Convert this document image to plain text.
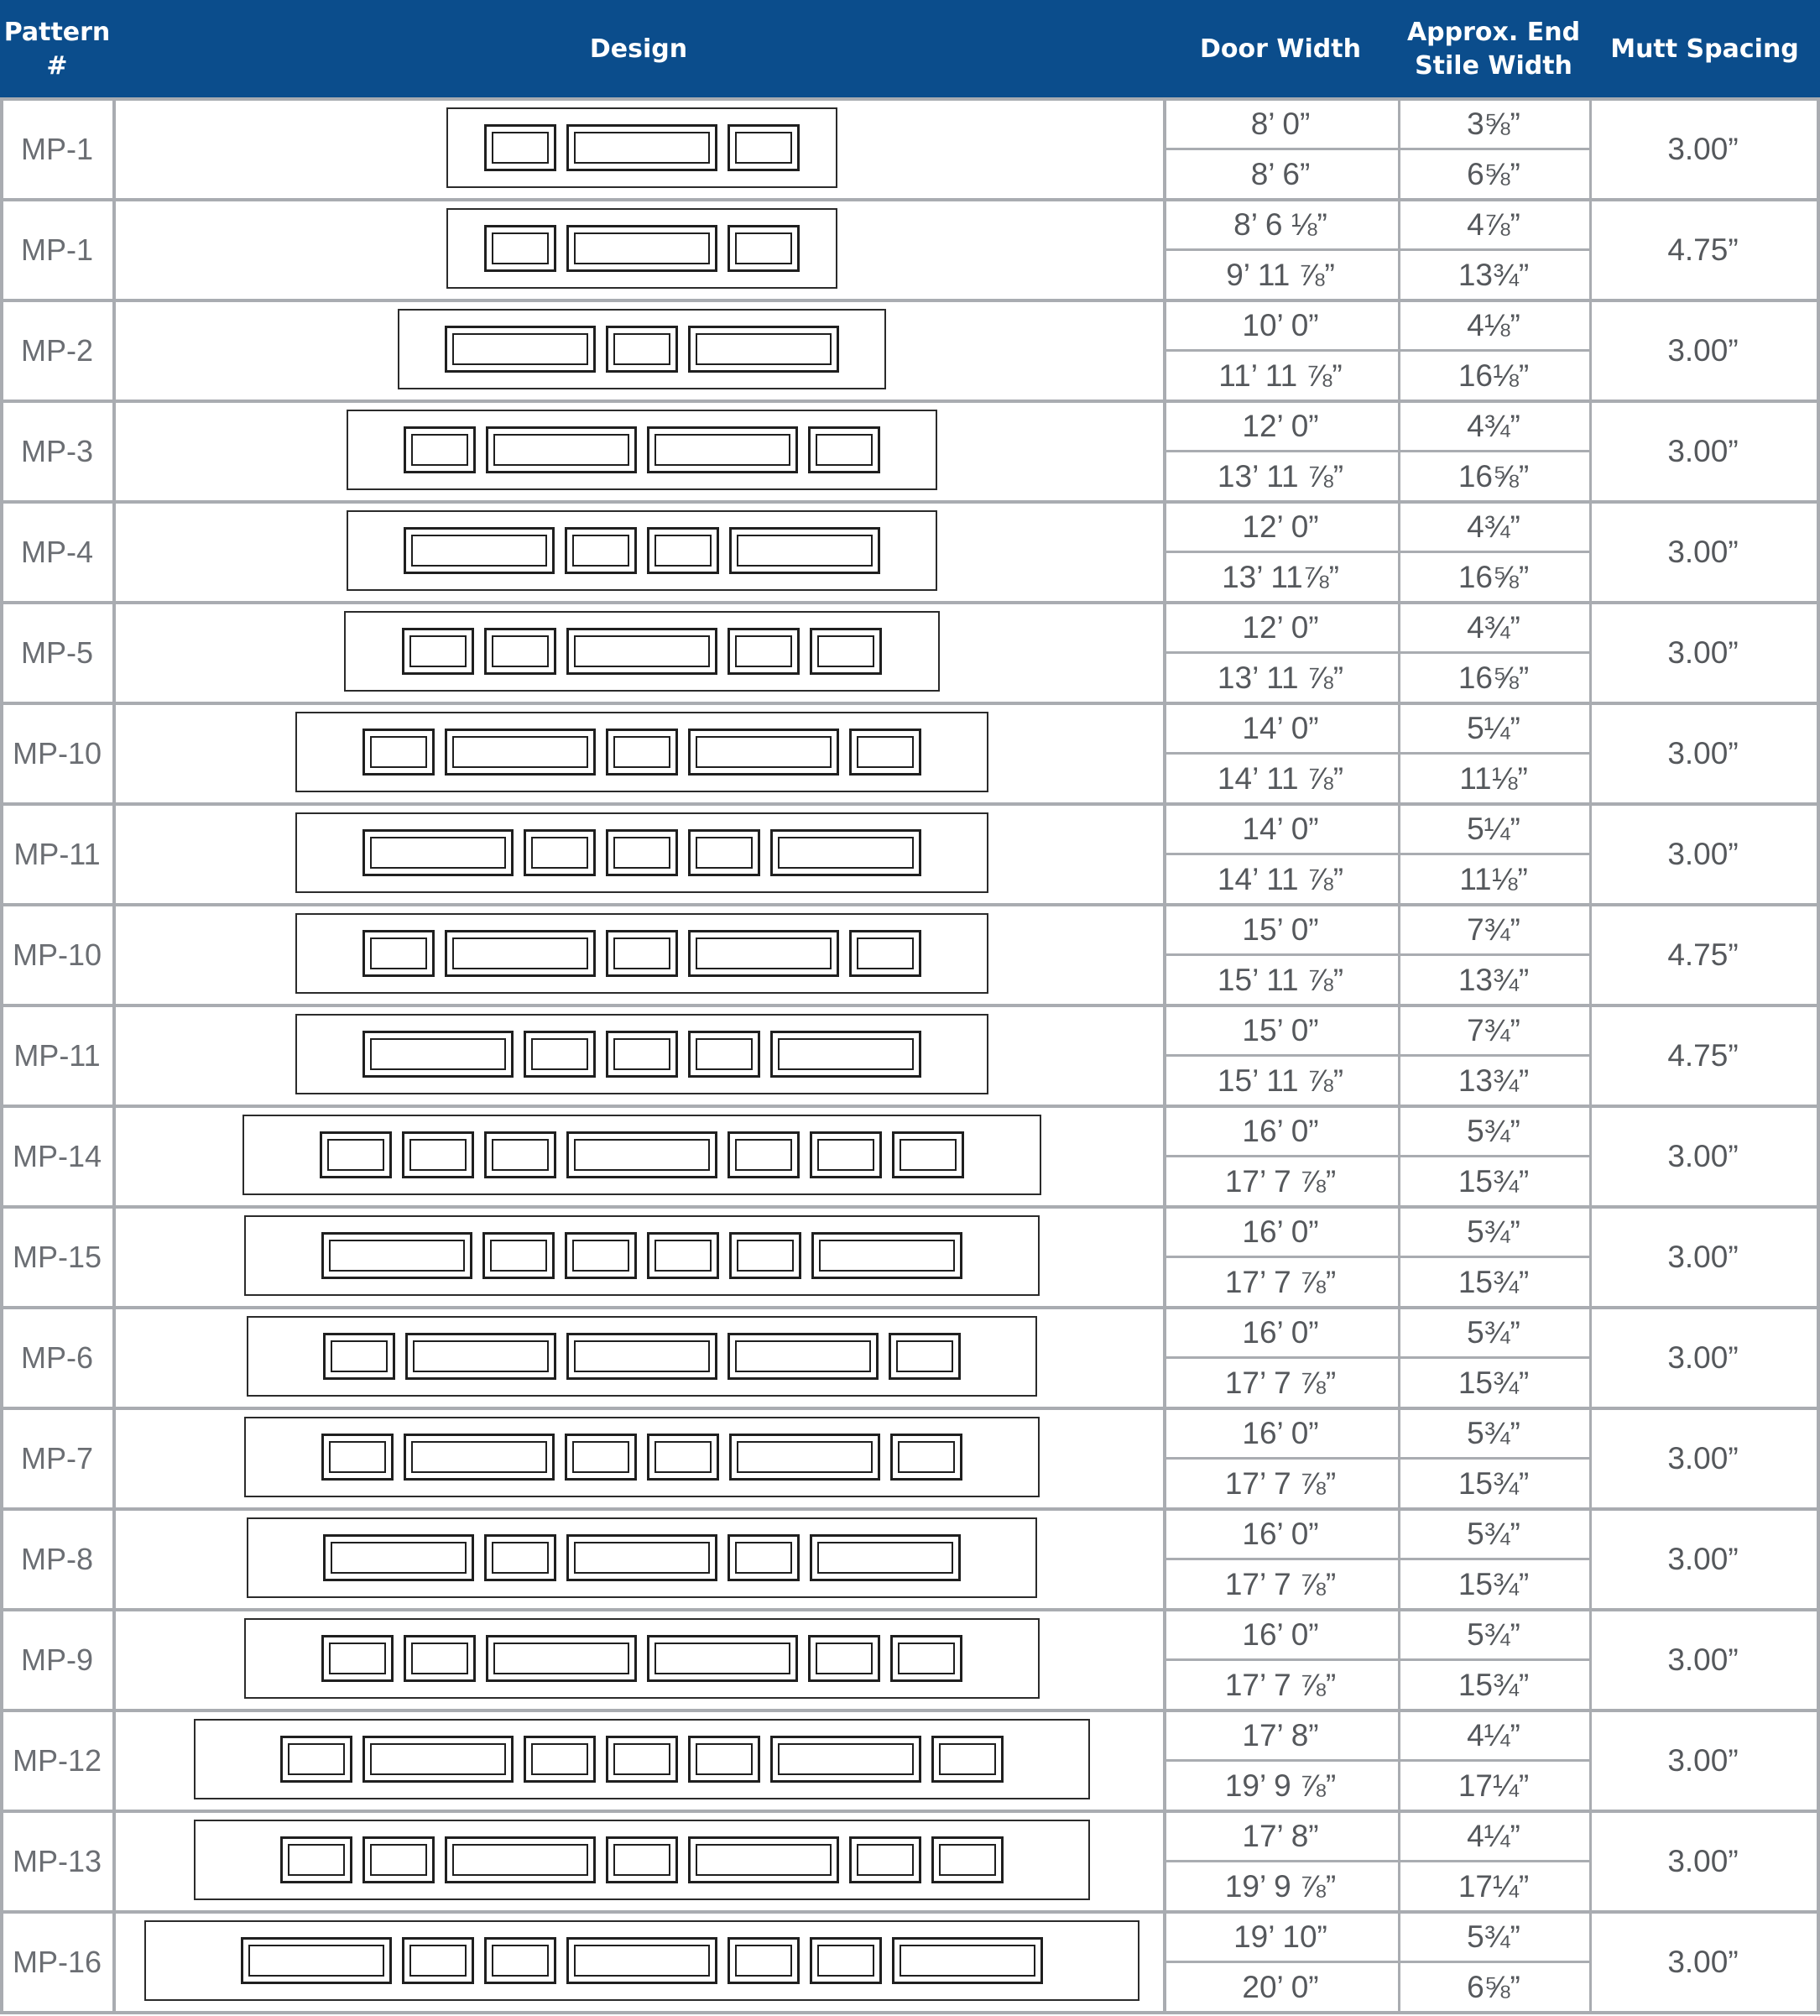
Pattern
#
Design	Door Width
Approx. End
Stile Width
Mutt Spacing
MP-1
8’ 0”	3⅝”
8’ 6”	6⅝”
3.00”
MP-1
8’ 6 ⅛”	4⅞”
9’ 11 ⅞”	13¾”
4.75”
MP-2
10’ 0”	4⅛”
11’ 11 ⅞”	16⅛”
3.00”
MP-3
12’ 0”	4¾”
13’ 11 ⅞”	16⅝”
3.00”
MP-4
12’ 0”	4¾”
13’ 11⅞”	16⅝”
3.00”
MP-5
12’ 0”	4¾”
13’ 11 ⅞”	16⅝”
3.00”
MP-10
14’ 0”	5¼”
14’ 11 ⅞”	11⅛”
3.00”
MP-11
14’ 0”	5¼”
14’ 11 ⅞”	11⅛”
3.00”
MP-10
15’ 0”	7¾”
15’ 11 ⅞”	13¾”
4.75”
MP-11
15’ 0”	7¾”
15’ 11 ⅞”	13¾”
4.75”
MP-14
16’ 0”	5¾”
17’ 7 ⅞”	15¾”
3.00”
MP-15
16’ 0”	5¾”
17’ 7 ⅞”	15¾”
3.00”
MP-6
16’ 0”	5¾”
17’ 7 ⅞”	15¾”
3.00”
MP-7
16’ 0”	5¾”
17’ 7 ⅞”	15¾”
3.00”
MP-8
16’ 0”	5¾”
17’ 7 ⅞”	15¾”
3.00”
MP-9
16’ 0”	5¾”
17’ 7 ⅞”	15¾”
3.00”
MP-12
17’ 8”	4¼”
19’ 9 ⅞”	17¼”
3.00”
MP-13
17’ 8”	4¼”
19’ 9 ⅞”	17¼”
3.00”
MP-16
19’ 10”	5¾”
20’ 0”	6⅝”
3.00”
